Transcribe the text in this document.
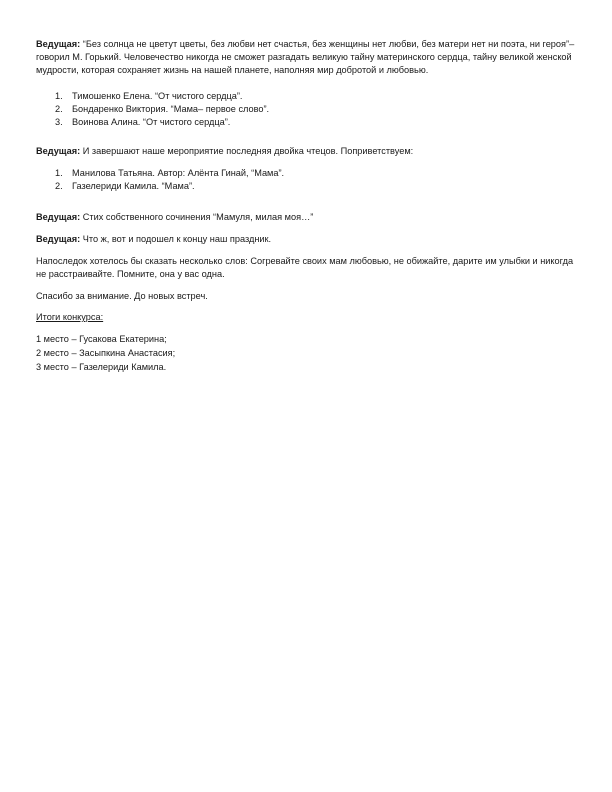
Ведущая: “Без солнца не цветут цветы, без любви нет счастья, без женщины нет любви, без матери нет ни поэта, ни героя”– говорил М. Горький. Человечество никогда не сможет разгадать великую тайну материнского сердца, тайну великой женской мудрости, которая сохраняет жизнь на нашей планете, наполняя мир добротой и любовью.

1. Тимошенко Елена. “От чистого сердца”.
2. Бондаренко Виктория. “Мама– первое слово”.
3. Воинова Алина. “От чистого сердца”.

Ведущая: И завершают наше мероприятие последняя двойка чтецов. Поприветствуем:

1. Манилова Татьяна. Автор: Алёнта Гинай, “Мама”.
2. Газелериди Камила. “Мама”.

Ведущая: Стих собственного сочинения “Мамуля, милая моя…”

Ведущая: Что ж, вот и подошел к концу наш праздник.

Напоследок хотелось бы сказать несколько слов: Согревайте своих мам любовью, не обижайте, дарите им улыбки и никогда не расстраивайте. Помните, она у вас одна.

Спасибо за внимание. До новых встреч.

Итоги конкурса:

1 место – Гусакова Екатерина;

2 место – Засыпкина Анастасия;

3 место – Газелериди Камила.
